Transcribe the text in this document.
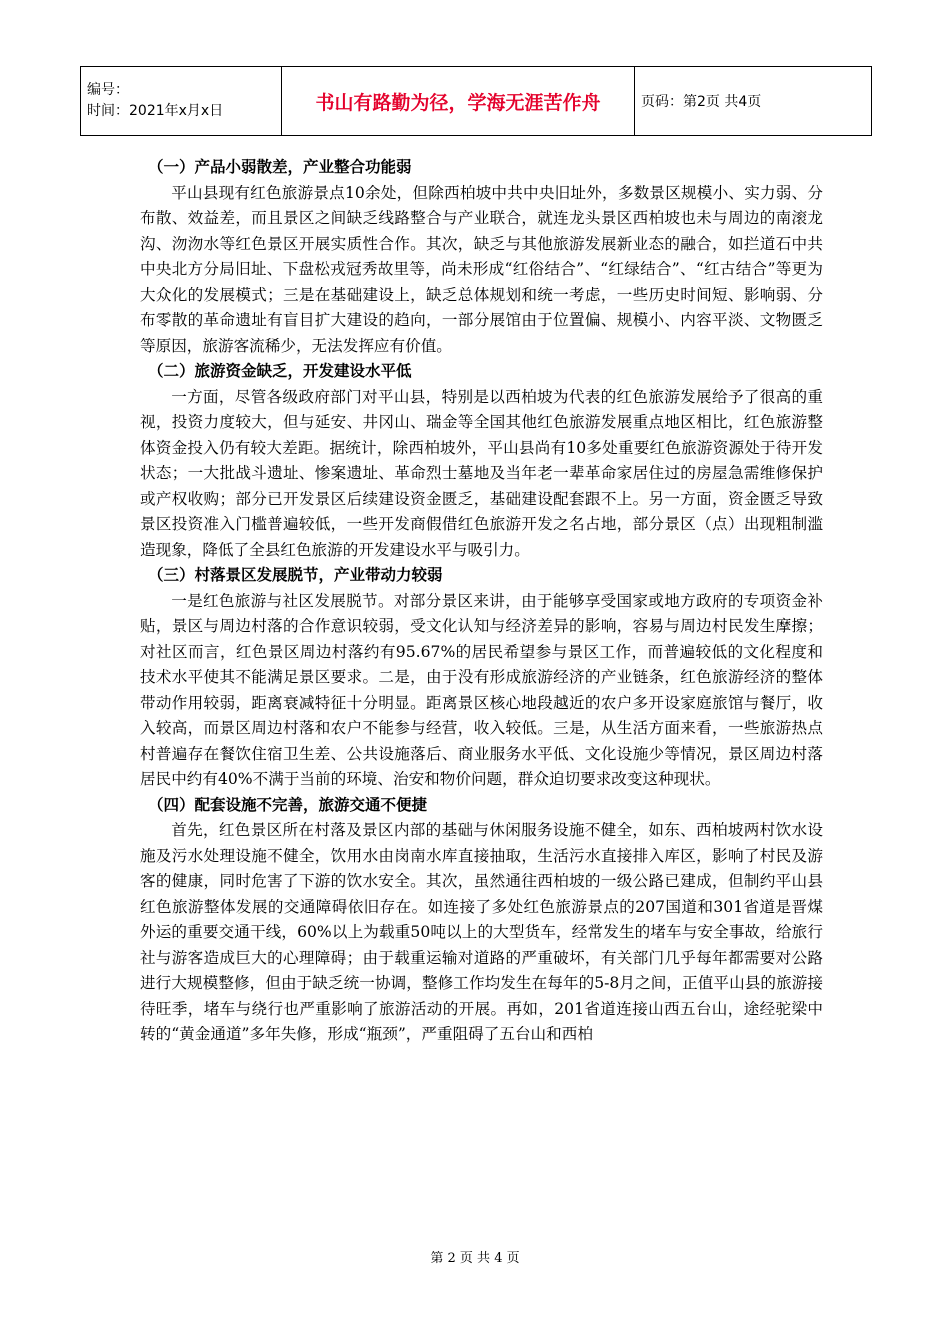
编号：
时间：2021年x月x日	书山有路勤为径，学海无涯苦作舟	页码：第2页 共4页

（一）产品小弱散差，产业整合功能弱

平山县现有红色旅游景点10余处，但除西柏坡中共中央旧址外，多数景区规模小、实力弱、分布散、效益差，而且景区之间缺乏线路整合与产业联合，就连龙头景区西柏坡也未与周边的南滚龙沟、沕沕水等红色景区开展实质性合作。其次，缺乏与其他旅游发展新业态的融合，如拦道石中共中央北方分局旧址、下盘松戎冠秀故里等，尚未形成“红俗结合”、“红绿结合”、“红古结合”等更为大众化的发展模式；三是在基础建设上，缺乏总体规划和统一考虑，一些历史时间短、影响弱、分布零散的革命遗址有盲目扩大建设的趋向，一部分展馆由于位置偏、规模小、内容平淡、文物匮乏等原因，旅游客流稀少，无法发挥应有价值。

（二）旅游资金缺乏，开发建设水平低

一方面，尽管各级政府部门对平山县，特别是以西柏坡为代表的红色旅游发展给予了很高的重视，投资力度较大，但与延安、井冈山、瑞金等全国其他红色旅游发展重点地区相比，红色旅游整体资金投入仍有较大差距。据统计，除西柏坡外，平山县尚有10多处重要红色旅游资源处于待开发状态；一大批战斗遗址、惨案遗址、革命烈士墓地及当年老一辈革命家居住过的房屋急需维修保护或产权收购；部分已开发景区后续建设资金匮乏，基础建设配套跟不上。另一方面，资金匮乏导致景区投资准入门槛普遍较低，一些开发商假借红色旅游开发之名占地，部分景区（点）出现粗制滥造现象，降低了全县红色旅游的开发建设水平与吸引力。

（三）村落景区发展脱节，产业带动力较弱

一是红色旅游与社区发展脱节。对部分景区来讲，由于能够享受国家或地方政府的专项资金补贴，景区与周边村落的合作意识较弱，受文化认知与经济差异的影响，容易与周边村民发生摩擦；对社区而言，红色景区周边村落约有95.67%的居民希望参与景区工作，而普遍较低的文化程度和技术水平使其不能满足景区要求。二是，由于没有形成旅游经济的产业链条，红色旅游经济的整体带动作用较弱，距离衰减特征十分明显。距离景区核心地段越近的农户多开设家庭旅馆与餐厅，收入较高，而景区周边村落和农户不能参与经营，收入较低。三是，从生活方面来看，一些旅游热点村普遍存在餐饮住宿卫生差、公共设施落后、商业服务水平低、文化设施少等情况，景区周边村落居民中约有40%不满于当前的环境、治安和物价问题，群众迫切要求改变这种现状。

（四）配套设施不完善，旅游交通不便捷

首先，红色景区所在村落及景区内部的基础与休闲服务设施不健全，如东、西柏坡两村饮水设施及污水处理设施不健全，饮用水由岗南水库直接抽取，生活污水直接排入库区，影响了村民及游客的健康，同时危害了下游的饮水安全。其次，虽然通往西柏坡的一级公路已建成，但制约平山县红色旅游整体发展的交通障碍依旧存在。如连接了多处红色旅游景点的207国道和301省道是晋煤外运的重要交通干线，60%以上为载重50吨以上的大型货车，经常发生的堵车与安全事故，给旅行社与游客造成巨大的心理障碍；由于载重运输对道路的严重破坏，有关部门几乎每年都需要对公路进行大规模整修，但由于缺乏统一协调，整修工作均发生在每年的5-8月之间，正值平山县的旅游接待旺季，堵车与绕行也严重影响了旅游活动的开展。再如，201省道连接山西五台山，途经驼梁中转的“黄金通道”多年失修，形成“瓶颈”，严重阻碍了五台山和西柏

第 2 页 共 4 页
